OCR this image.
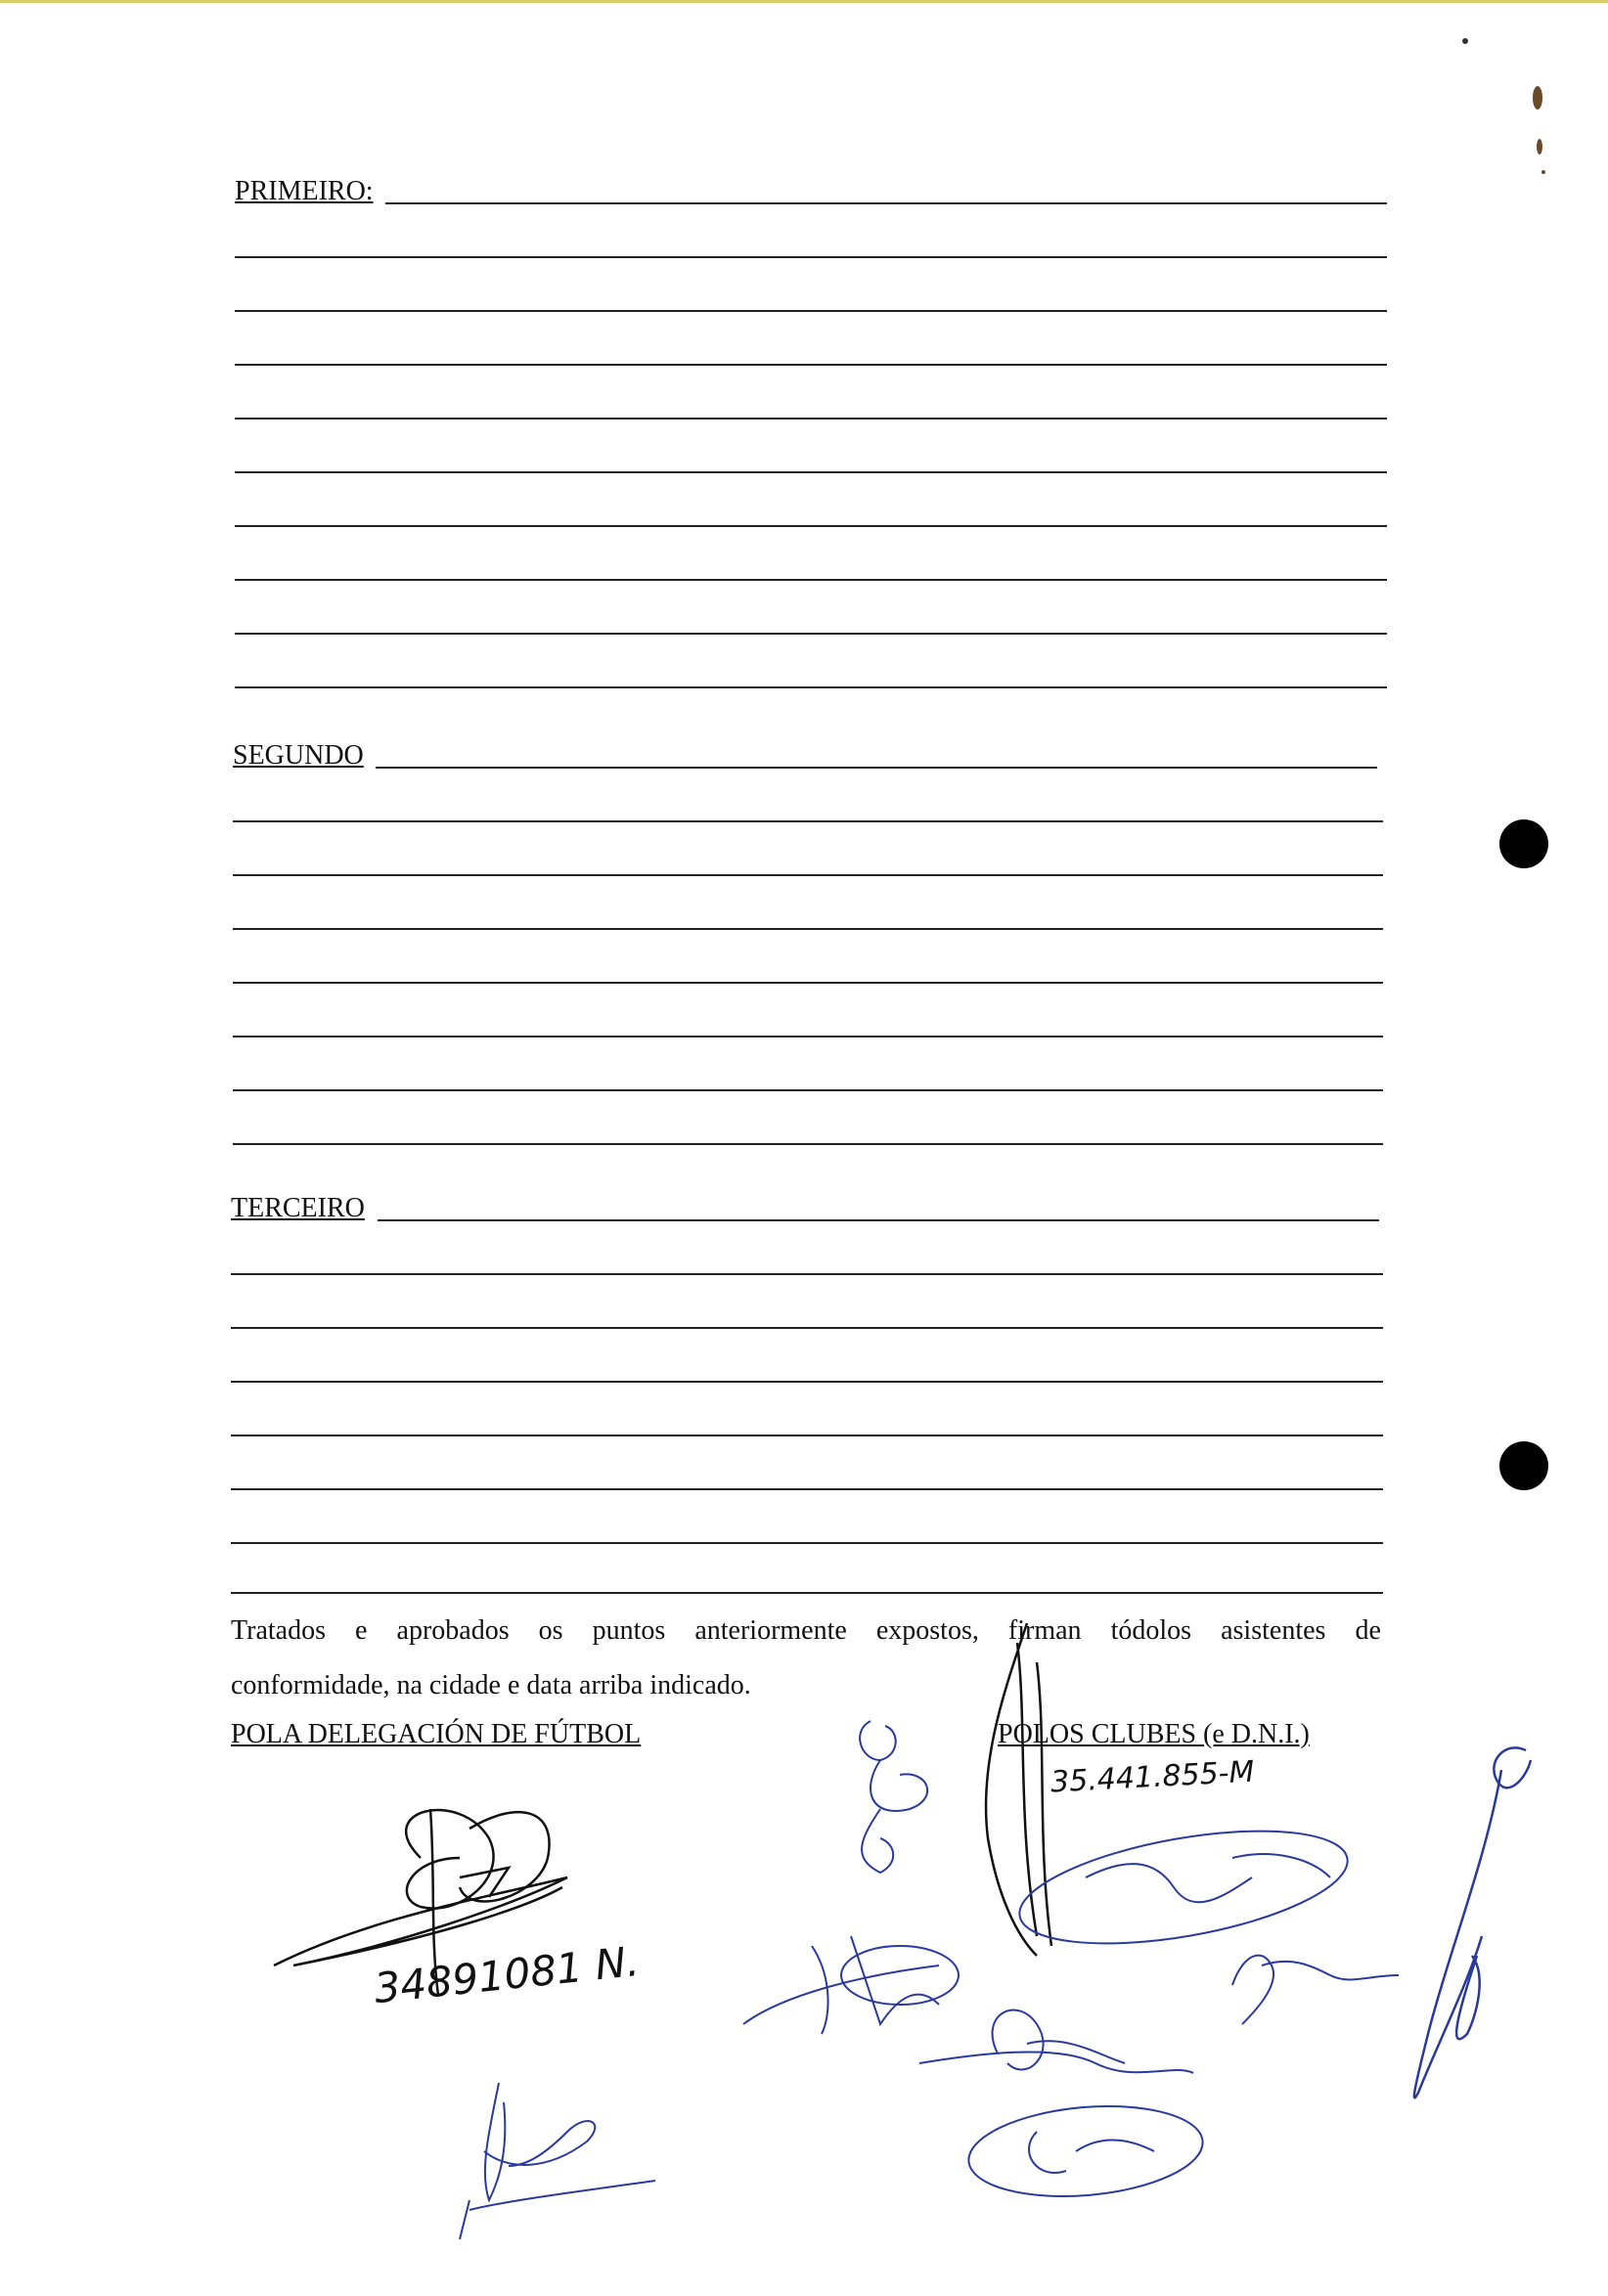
PRIMEIRO:
SEGUNDO
TERCEIRO
Tratados e aprobados os puntos anteriormente expostos, firman tódolos asistentes de
conformidade, na cidade e data arriba indicado.
POLA DELEGACIÓN DE FÚTBOL	POLOS CLUBES (e D.N.I.)
34891081 N.
35.441.855-M
